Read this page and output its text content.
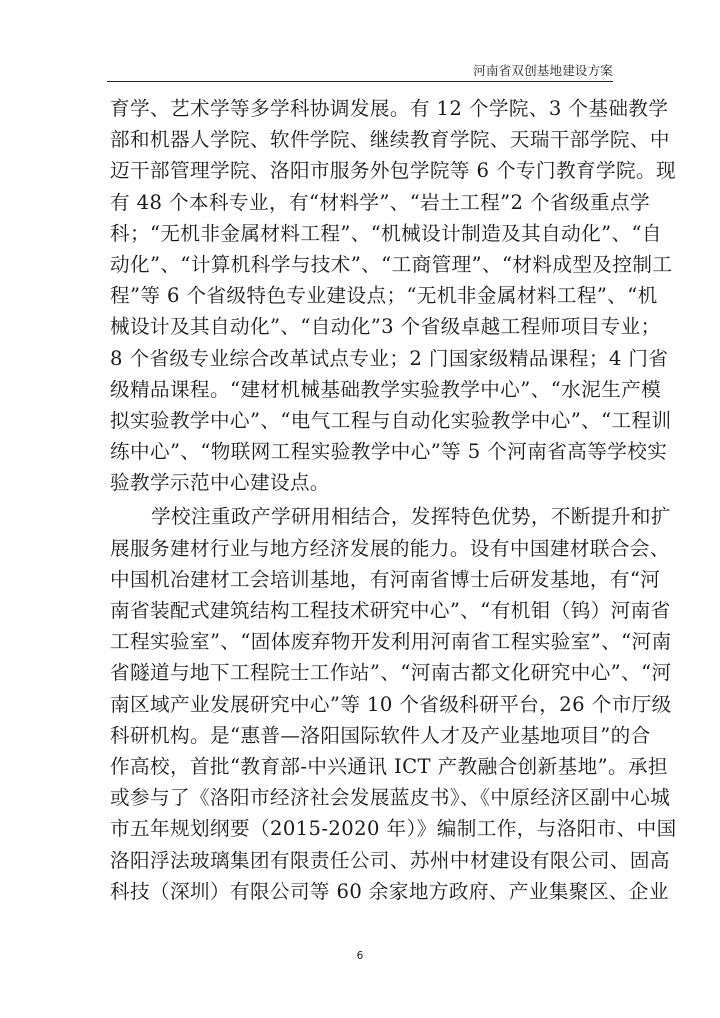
河南省双创基地建设方案
育学、艺术学等多学科协调发展。有 12 个学院、3 个基础教学
部和机器人学院、软件学院、继续教育学院、天瑞干部学院、中
迈干部管理学院、洛阳市服务外包学院等 6 个专门教育学院。现
有 48 个本科专业，有“材料学”、“岩土工程”2 个省级重点学
科；“无机非金属材料工程”、“机械设计制造及其自动化”、“自
动化”、“计算机科学与技术”、“工商管理”、“材料成型及控制工
程”等 6 个省级特色专业建设点；“无机非金属材料工程”、“机
械设计及其自动化”、“自动化”3 个省级卓越工程师项目专业；
8 个省级专业综合改革试点专业；2 门国家级精品课程；4 门省
级精品课程。“建材机械基础教学实验教学中心”、“水泥生产模
拟实验教学中心”、“电气工程与自动化实验教学中心”、“工程训
练中心”、“物联网工程实验教学中心”等 5 个河南省高等学校实
验教学示范中心建设点。
学校注重政产学研用相结合，发挥特色优势，不断提升和扩
展服务建材行业与地方经济发展的能力。设有中国建材联合会、
中国机冶建材工会培训基地，有河南省博士后研发基地，有“河
南省装配式建筑结构工程技术研究中心”、“有机钼（钨）河南省
工程实验室”、“固体废弃物开发利用河南省工程实验室”、“河南
省隧道与地下工程院士工作站”、“河南古都文化研究中心”、“河
南区域产业发展研究中心”等 10 个省级科研平台，26 个市厅级
科研机构。是“惠普—洛阳国际软件人才及产业基地项目”的合
作高校，首批“教育部-中兴通讯 ICT 产教融合创新基地”。承担
或参与了《洛阳市经济社会发展蓝皮书》、《中原经济区副中心城
市五年规划纲要（2015-2020 年）》编制工作，与洛阳市、中国
洛阳浮法玻璃集团有限责任公司、苏州中材建设有限公司、固高
科技（深圳）有限公司等 60 余家地方政府、产业集聚区、企业
6
